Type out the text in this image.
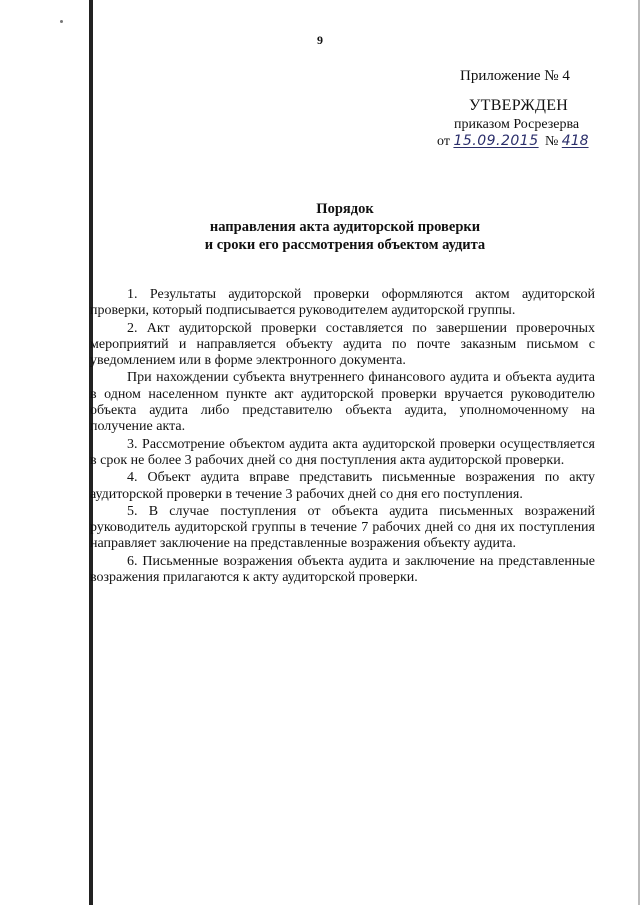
9
Приложение № 4
УТВЕРЖДЕН
приказом Росрезерва
от 15.09.2015 № 418
Порядок
направления акта аудиторской проверки
и сроки его рассмотрения объектом аудита

1. Результаты аудиторской проверки оформляются актом аудиторской проверки, который подписывается руководителем аудиторской группы.

2. Акт аудиторской проверки составляется по завершении проверочных мероприятий и направляется объекту аудита по почте заказным письмом с уведомлением или в форме электронного документа.

При нахождении субъекта внутреннего финансового аудита и объекта аудита в одном населенном пункте акт аудиторской проверки вручается руководителю объекта аудита либо представителю объекта аудита, уполномоченному на получение акта.

3. Рассмотрение объектом аудита акта аудиторской проверки осуществляется в срок не более 3 рабочих дней со дня поступления акта аудиторской проверки.

4. Объект аудита вправе представить письменные возражения по акту аудиторской проверки в течение 3 рабочих дней со дня его поступления.

5. В случае поступления от объекта аудита письменных возражений руководитель аудиторской группы в течение 7 рабочих дней со дня их поступления направляет заключение на представленные возражения объекту аудита.

6. Письменные возражения объекта аудита и заключение на представленные возражения прилагаются к акту аудиторской проверки.
